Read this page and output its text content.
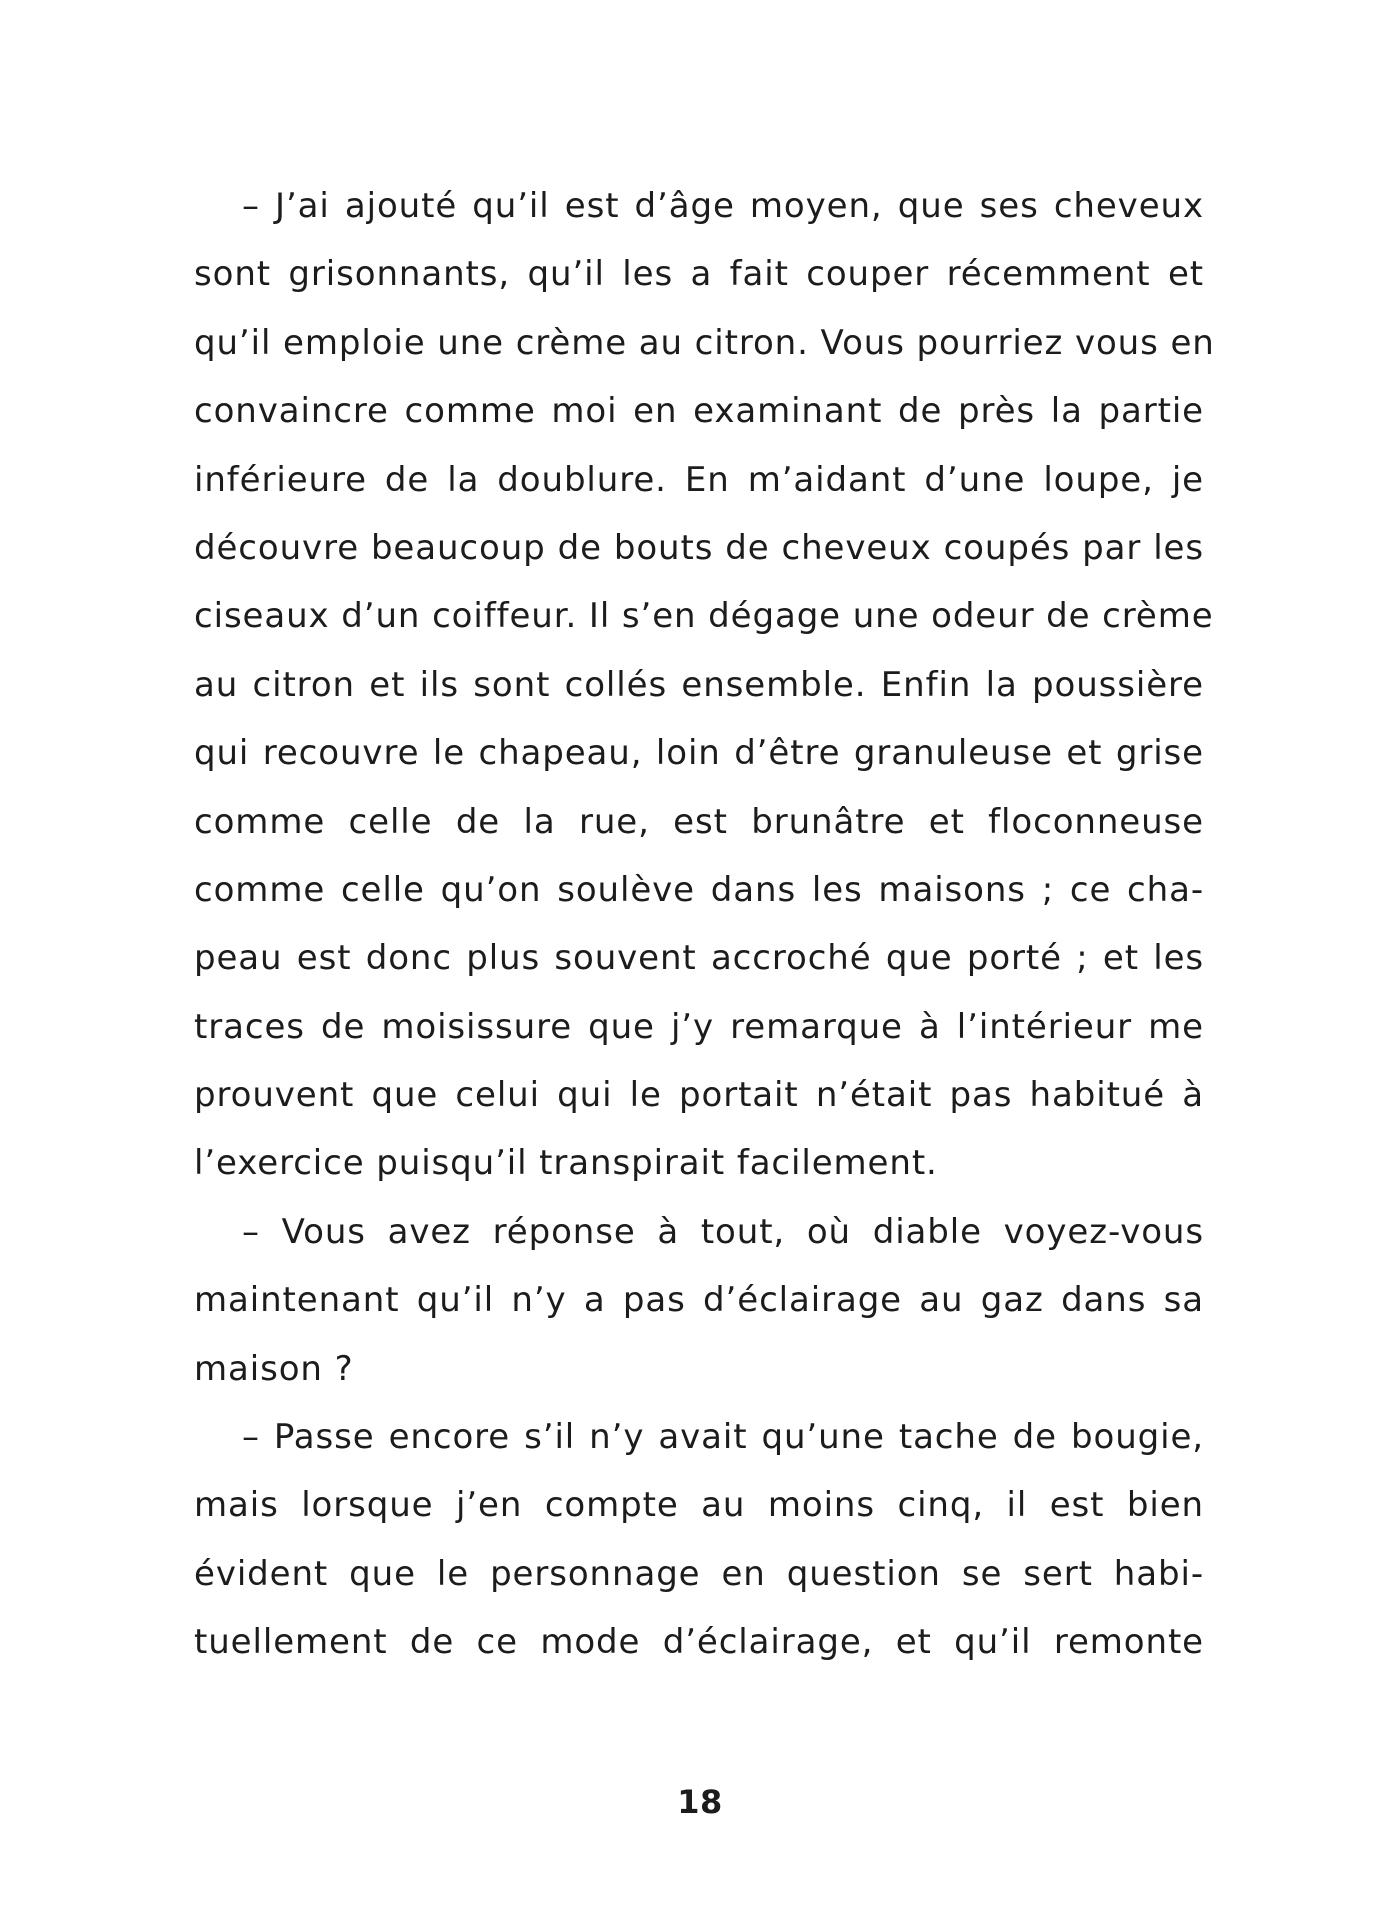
– J’ai ajouté qu’il est d’âge moyen, que ses cheveux
sont grisonnants, qu’il les a fait couper récemment et
qu’il emploie une crème au citron. Vous pourriez vous en
convaincre comme moi en examinant de près la partie
inférieure de la doublure. En m’aidant d’une loupe, je
découvre beaucoup de bouts de cheveux coupés par les
ciseaux d’un coiffeur. Il s’en dégage une odeur de crème
au citron et ils sont collés ensemble. Enfin la poussière
qui recouvre le chapeau, loin d’être granuleuse et grise
comme celle de la rue, est brunâtre et floconneuse
comme celle qu’on soulève dans les maisons ; ce cha-
peau est donc plus souvent accroché que porté ; et les
traces de moisissure que j’y remarque à l’intérieur me
prouvent que celui qui le portait n’était pas habitué à
l’exercice puisqu’il transpirait facilement.
– Vous avez réponse à tout, où diable voyez-vous
maintenant qu’il n’y a pas d’éclairage au gaz dans sa
maison ?
– Passe encore s’il n’y avait qu’une tache de bougie,
mais lorsque j’en compte au moins cinq, il est bien
évident que le personnage en question se sert habi-
tuellement de ce mode d’éclairage, et qu’il remonte
18
